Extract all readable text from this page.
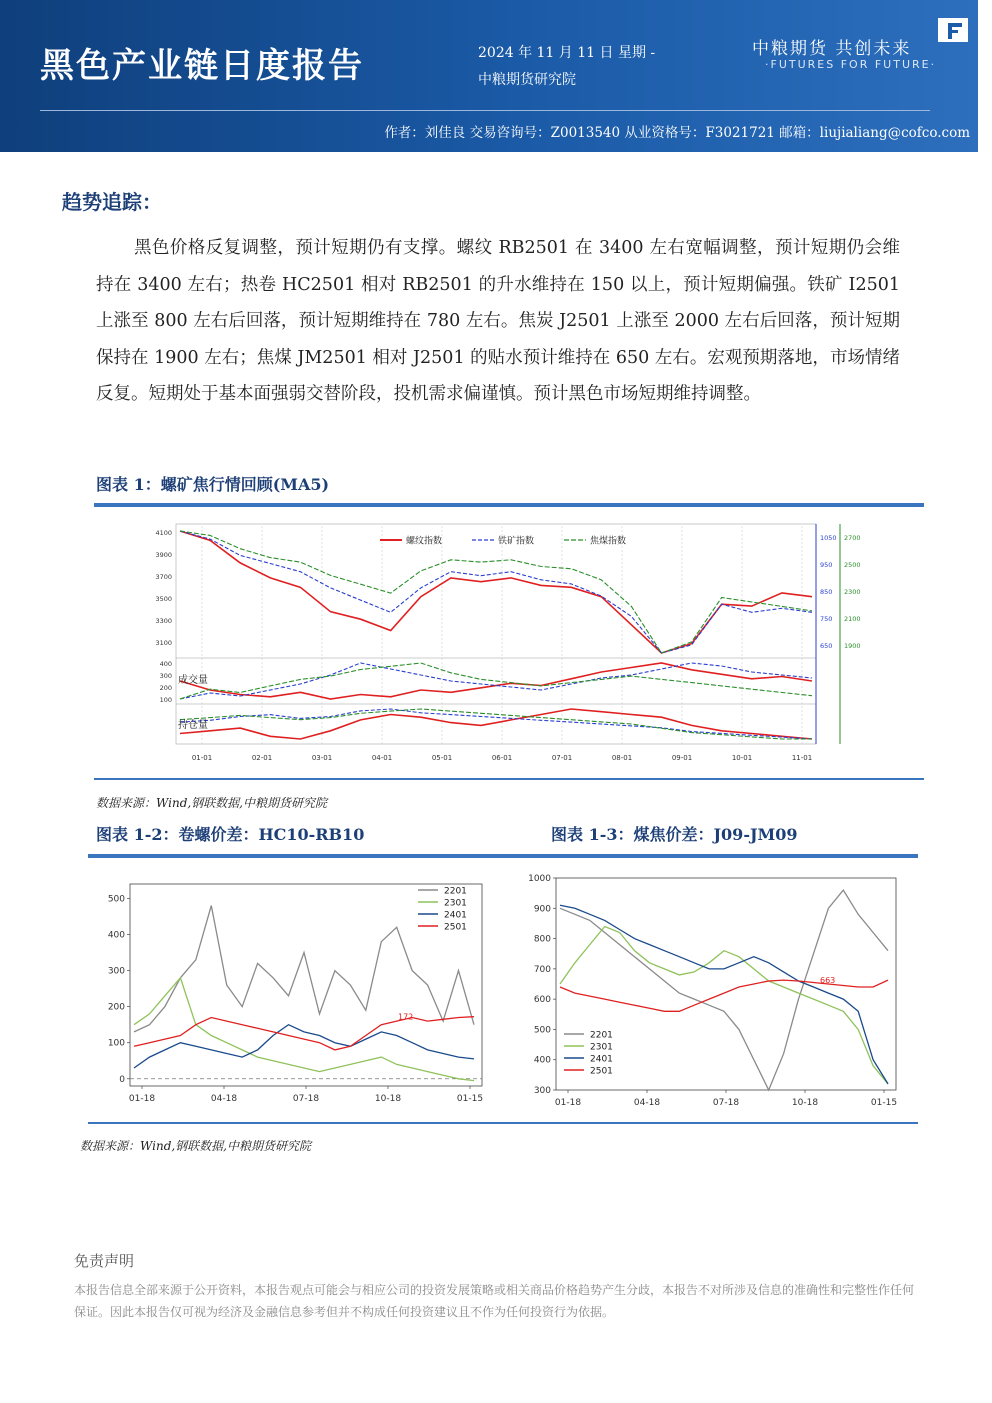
黑色产业链日度报告	2024 年 11 月 11 日 星期 -
中粮期货研究院
中粮期货 共创未来
·FUTURES FOR FUTURE·
作者：刘佳良 交易咨询号：Z0013540 从业资格号：F3021721 邮箱：liujialiang@cofco.com
趋势追踪：
黑色价格反复调整，预计短期仍有支撑。螺纹 RB2501 在 3400 左右宽幅调整，预计短期仍会维持在 3400 左右；热卷 HC2501 相对 RB2501 的升水维持在 150 以上，预计短期偏强。铁矿 I2501 上涨至 800 左右后回落，预计短期维持在 780 左右。焦炭 J2501 上涨至 2000 左右后回落，预计短期保持在 1900 左右；焦煤 JM2501 相对 J2501 的贴水预计维持在 650 左右。宏观预期落地，市场情绪反复。短期处于基本面强弱交替阶段，投机需求偏谨慎。预计黑色市场短期维持调整。
图表 1：螺矿焦行情回顾(MA5)
螺纹指数	铁矿指数	焦煤指数
01-01	02-01	03-01	04-01	05-01	06-01	07-01	08-01	09-01	10-01	11-01
4100
3900
3700
3500
3300
3100
400
300
200
100
1050
950
850
750
650
2700
2500
2300
2100
1900
成交量
持仓量
数据来源：Wind,钢联数据,中粮期货研究院
图表 1-2：卷螺价差：HC10-RB10	图表 1-3：煤焦价差：J09-JM09
0
100
200
300
400
500
01-18	04-18	07-18	10-18	01-15
172
2201
2301
2401
2501
300
400
500
600
700
800
900
1000
01-18	04-18	07-18	10-18	01-15
663
2201
2301
2401
2501
数据来源：Wind,钢联数据,中粮期货研究院
免责声明
本报告信息全部来源于公开资料，本报告观点可能会与相应公司的投资发展策略或相关商品价格趋势产生分歧，本报告不对所涉及信息的准确性和完整性作任何保证。因此本报告仅可视为经济及金融信息参考但并不构成任何投资建议且不作为任何投资行为依据。
